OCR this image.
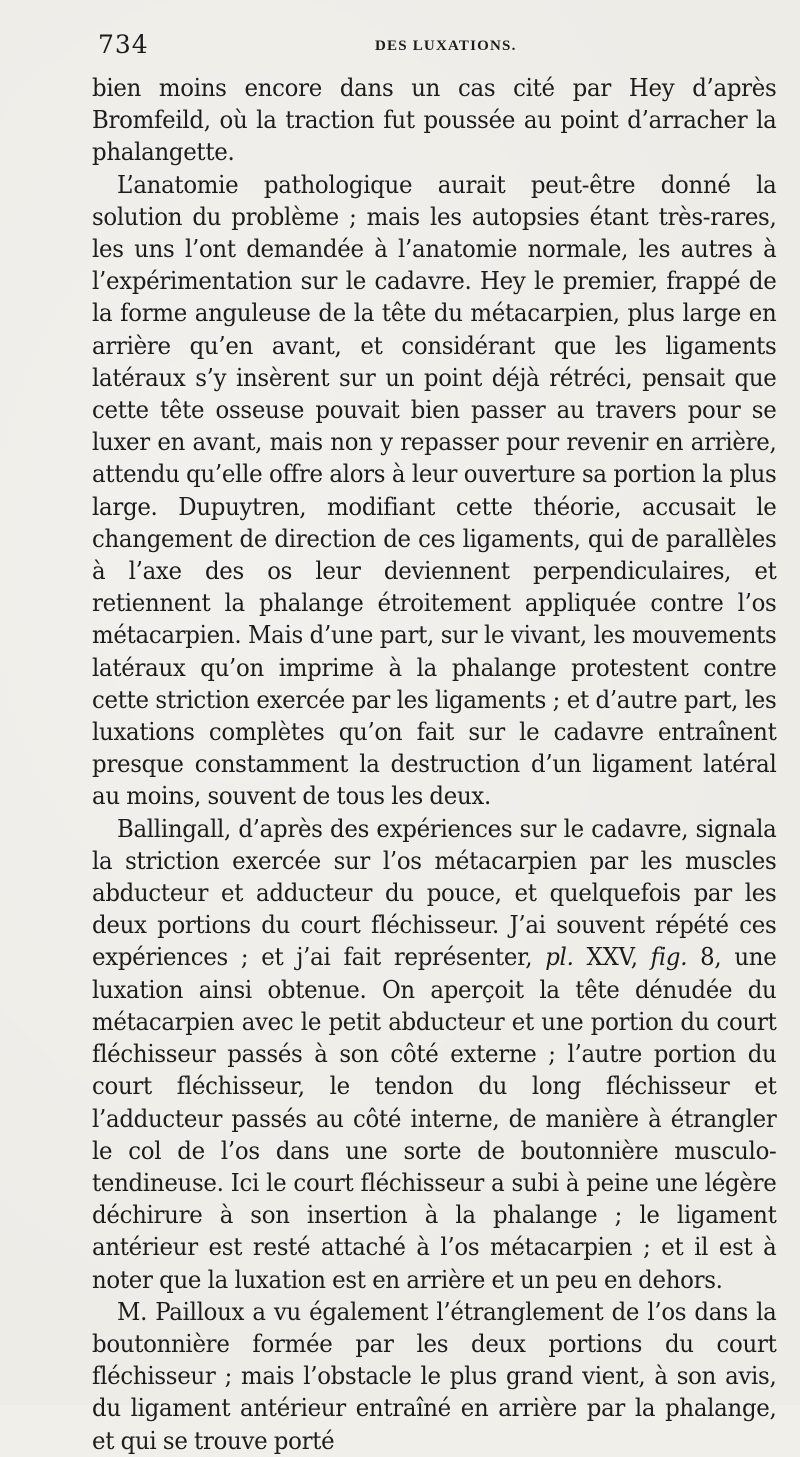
734	DES LUXATIONS.

bien moins encore dans un cas cité par Hey d’après Bromfeild, où la traction fut poussée au point d’arracher la phalangette.

L’anatomie pathologique aurait peut-être donné la solution du problème ; mais les autopsies étant très-rares, les uns l’ont demandée à l’anatomie normale, les autres à l’expérimentation sur le cadavre. Hey le premier, frappé de la forme anguleuse de la tête du métacarpien, plus large en arrière qu’en avant, et considérant que les ligaments latéraux s’y insèrent sur un point déjà rétréci, pensait que cette tête osseuse pouvait bien passer au travers pour se luxer en avant, mais non y repasser pour revenir en arrière, attendu qu’elle offre alors à leur ouverture sa portion la plus large. Dupuytren, modifiant cette théorie, accusait le changement de direction de ces ligaments, qui de parallèles à l’axe des os leur deviennent perpendiculaires, et retiennent la phalange étroitement appliquée contre l’os métacarpien. Mais d’une part, sur le vivant, les mouvements latéraux qu’on imprime à la phalange protestent contre cette striction exercée par les ligaments ; et d’autre part, les luxations complètes qu’on fait sur le cadavre entraînent presque constamment la destruction d’un ligament latéral au moins, souvent de tous les deux.

Ballingall, d’après des expériences sur le cadavre, signala la striction exercée sur l’os métacarpien par les muscles abducteur et adducteur du pouce, et quelquefois par les deux portions du court fléchisseur. J’ai souvent répété ces expériences ; et j’ai fait représenter, pl. XXV, fig. 8, une luxation ainsi obtenue. On aperçoit la tête dénudée du métacarpien avec le petit abducteur et une portion du court fléchisseur passés à son côté externe ; l’autre portion du court fléchisseur, le tendon du long fléchisseur et l’adducteur passés au côté interne, de manière à étrangler le col de l’os dans une sorte de boutonnière musculo-tendineuse. Ici le court fléchisseur a subi à peine une légère déchirure à son insertion à la phalange ; le ligament antérieur est resté attaché à l’os métacarpien ; et il est à noter que la luxation est en arrière et un peu en dehors.

M. Pailloux a vu également l’étranglement de l’os dans la boutonnière formée par les deux portions du court fléchisseur ; mais l’obstacle le plus grand vient, à son avis, du ligament antérieur entraîné en arrière par la phalange, et qui se trouve porté
